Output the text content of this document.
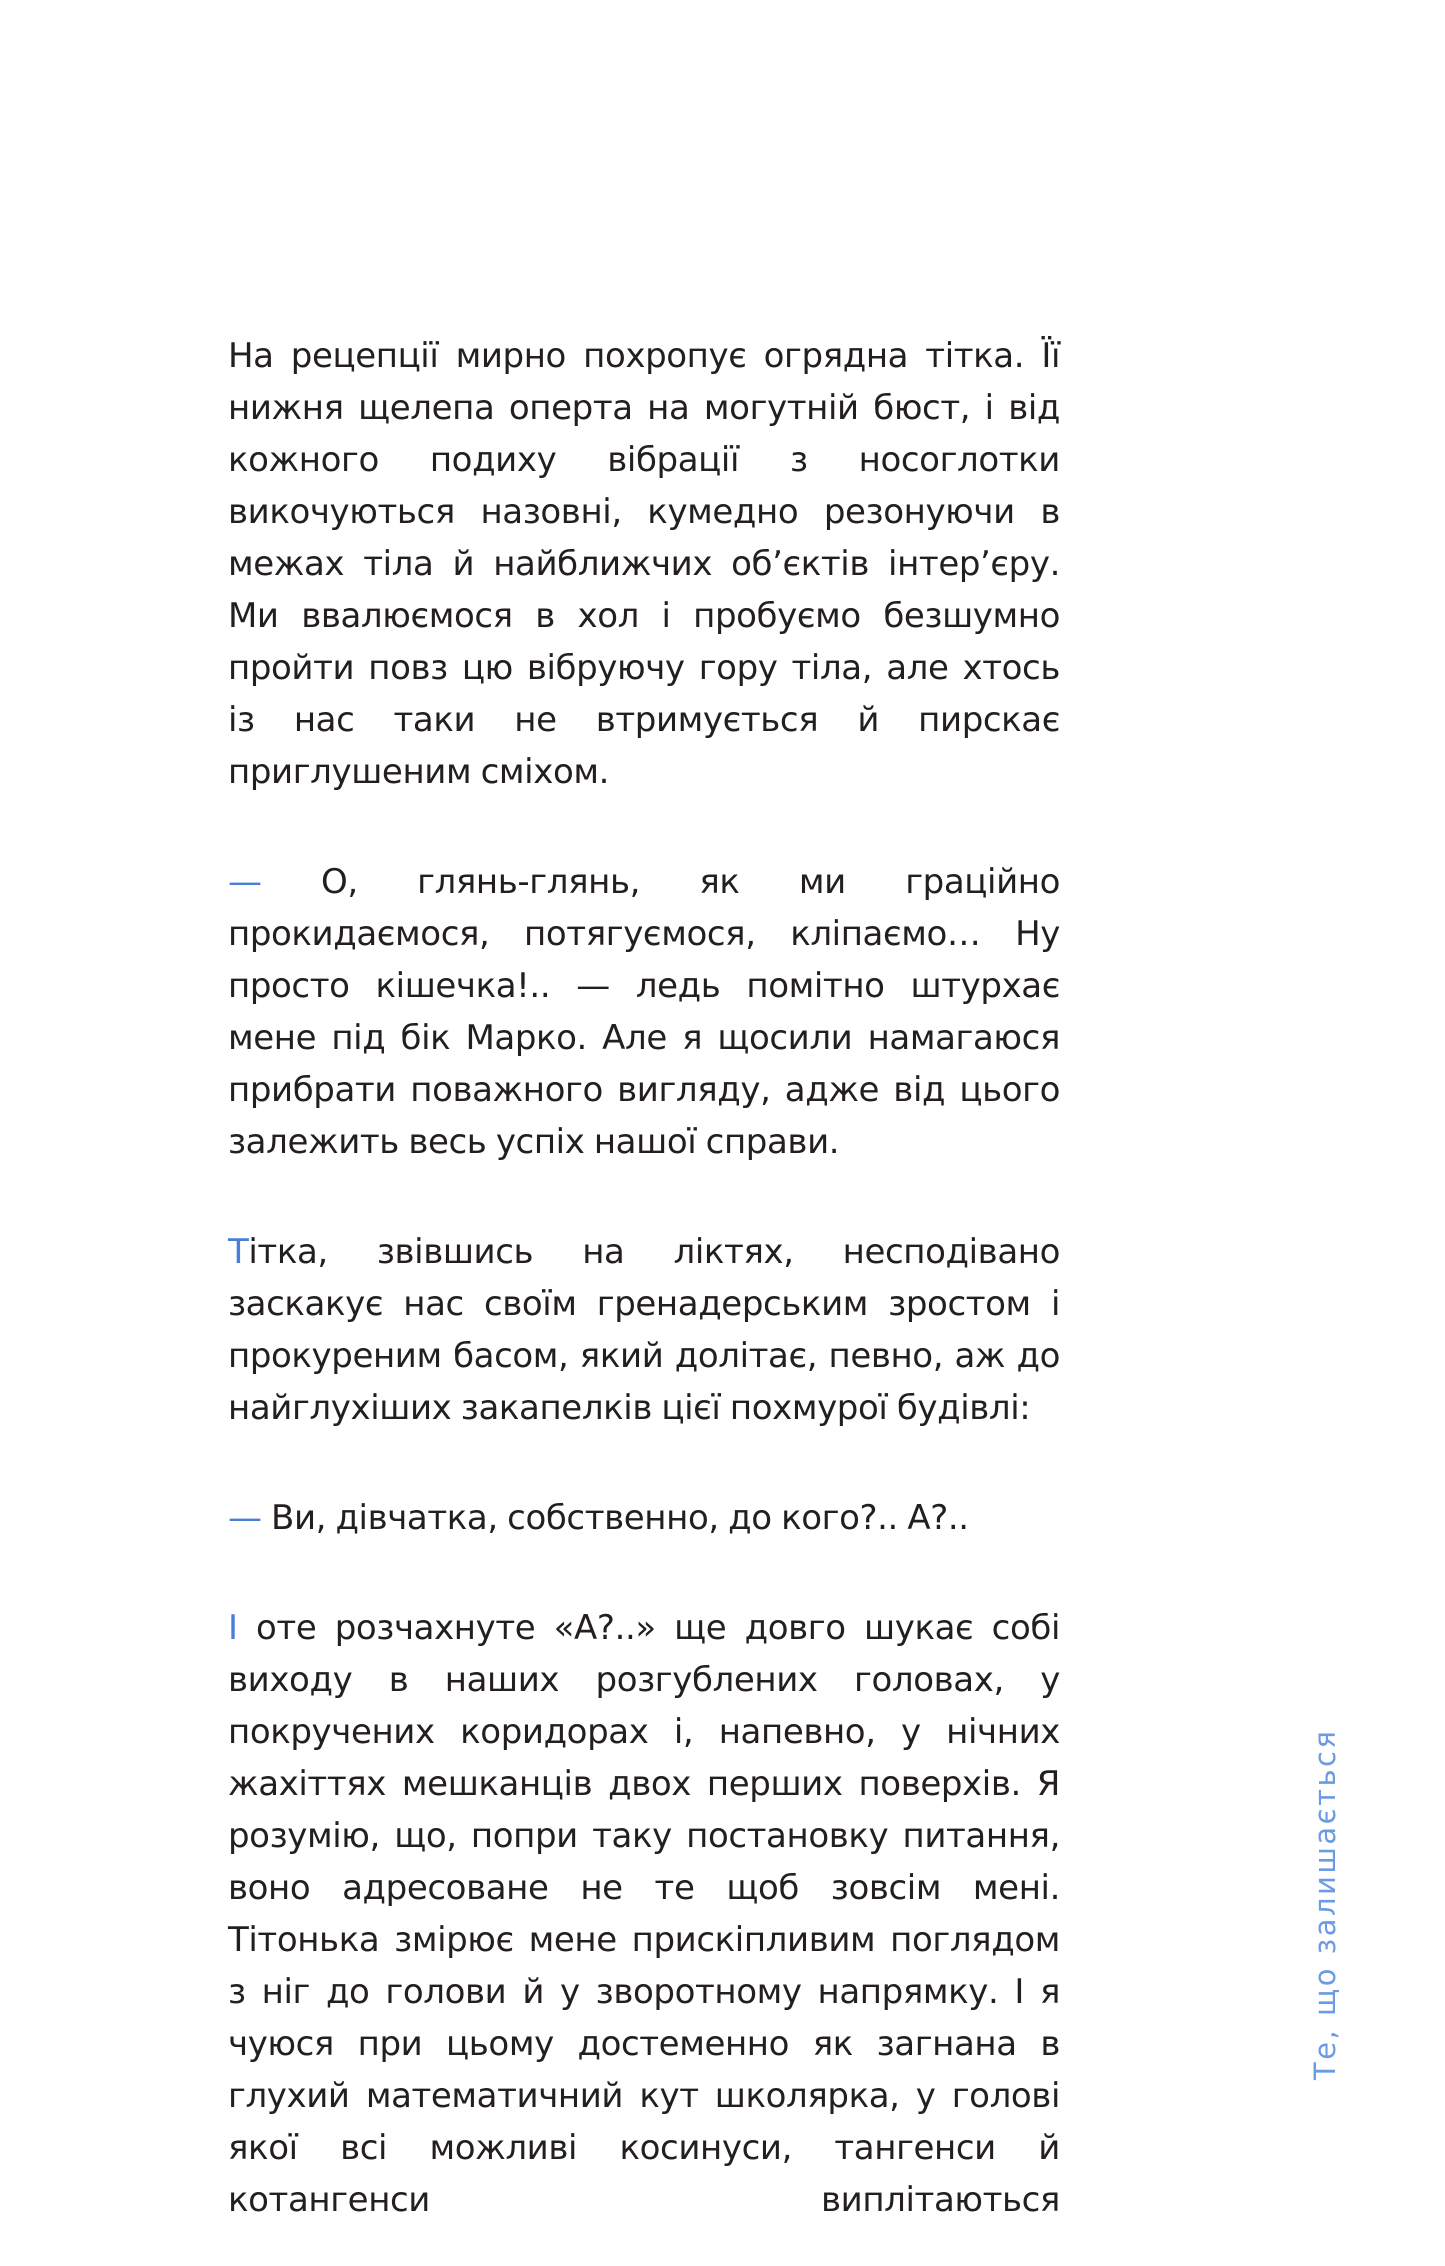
На рецепції мирно похропує огрядна тітка. Її нижня щелепа оперта на могутній бюст, і від кожного подиху вібрації з носоглотки викочуються назовні, кумедно резонуючи в межах тіла й найближчих об’єктів інтер’єру. Ми ввалюємося в хол і пробуємо безшумно пройти повз цю вібруючу гору тіла, але хтось із нас таки не втримується й пирскає приглушеним сміхом.

— О, глянь-глянь, як ми граційно прокидаємося, потягуємося, кліпаємо… Ну просто кішечка!.. — ледь помітно штурхає мене під бік Марко. Але я щосили намагаюся прибрати поважного вигляду, адже від цього залежить весь успіх нашої справи.

Тітка, звівшись на ліктях, несподівано заскакує нас своїм гренадерським зростом і прокуреним басом, який долітає, певно, аж до найглухіших закапелків цієї похмурої будівлі:

— Ви, дівчатка, собственно, до кого?.. А?..

І оте розчахнуте «А?..» ще довго шукає собі виходу в наших розгублених головах, у покручених коридорах і, напевно, у нічних жахіттях мешканців двох перших поверхів. Я розумію, що, попри таку постановку питання, воно адресоване не те щоб зовсім мені. Тітонька змірює мене прискіпливим поглядом з ніг до голови й у зворотному напрямку. І я чуюся при цьому достеменно як загнана в глухий математичний кут школярка, у голові якої всі можливі косинуси, тангенси й котангенси виплітаються

Те, що залишається
